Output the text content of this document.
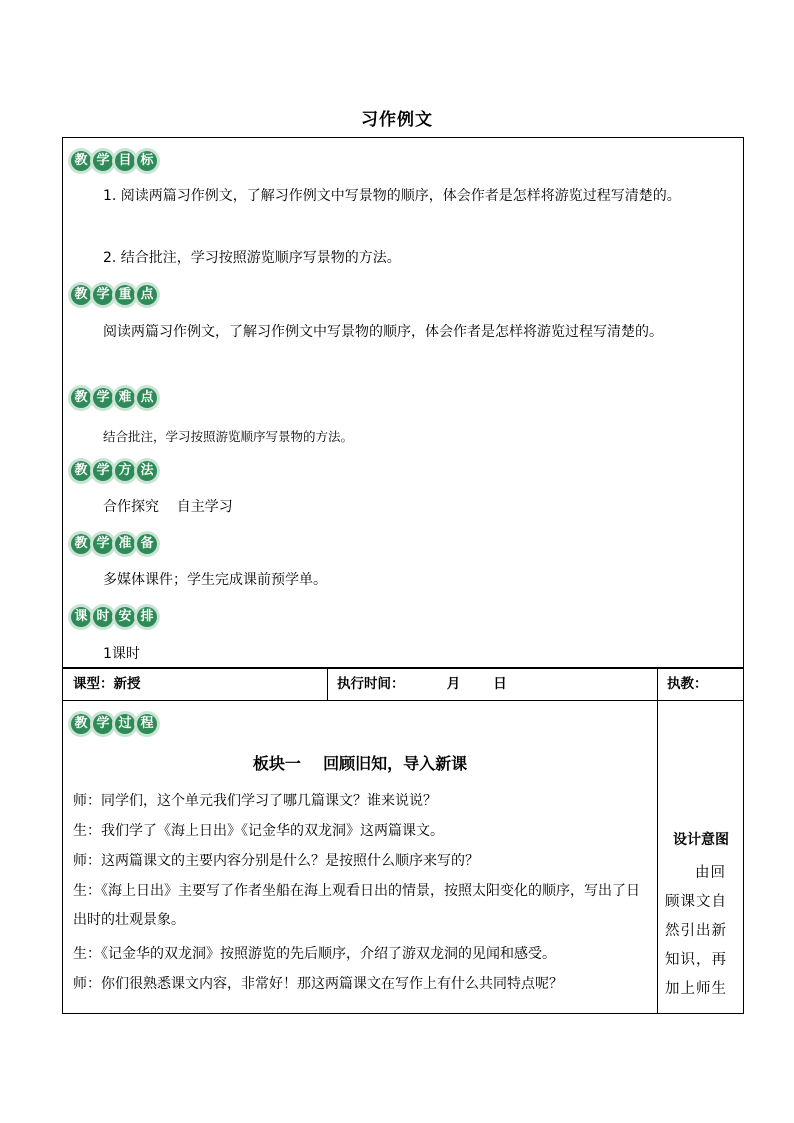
习作例文
教 学 目 标
1. 阅读两篇习作例文，了解习作例文中写景物的顺序，体会作者是怎样将游览过程写清楚的。
2. 结合批注，学习按照游览顺序写景物的方法。
教 学 重 点
阅读两篇习作例文，了解习作例文中写景物的顺序，体会作者是怎样将游览过程写清楚的。
教 学 难 点
结合批注，学习按照游览顺序写景物的方法。
教 学 方 法
合作探究    自主学习
教 学 准 备
多媒体课件；学生完成课前预学单。
课 时 安 排
1课时
课型：新授	执行时间：         月       日	执教：
教 学 过 程
板块一    回顾旧知，导入新课
师：同学们，这个单元我们学习了哪几篇课文？谁来说说？
生：我们学了《海上日出》《记金华的双龙洞》这两篇课文。
师：这两篇课文的主要内容分别是什么？是按照什么顺序来写的？
生：《海上日出》主要写了作者坐船在海上观看日出的情景，按照太阳变化的顺序，写出了日出时的壮观景象。
生：《记金华的双龙洞》按照游览的先后顺序，介绍了游双龙洞的见闻和感受。
师：你们很熟悉课文内容，非常好！那这两篇课文在写作上有什么共同特点呢？
设计意图
由回顾课文自然引出新知识，再加上师生
